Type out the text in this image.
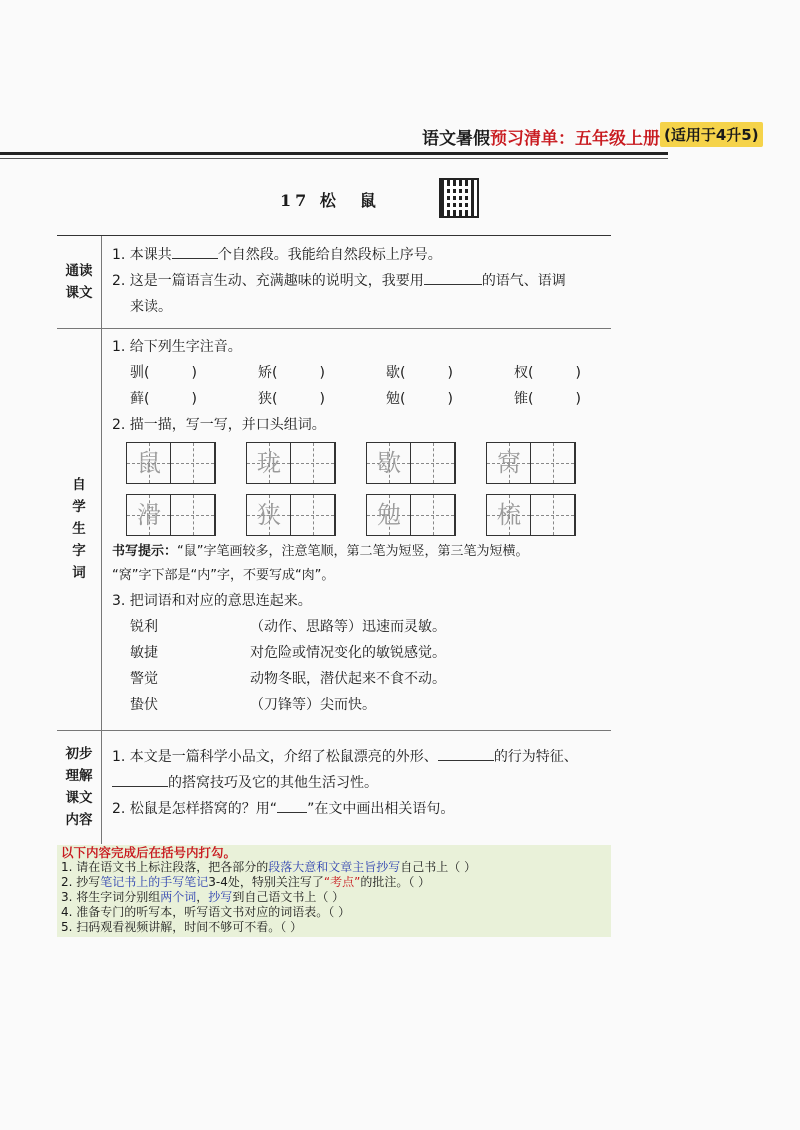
语文暑假预习清单：五年级上册 (适用于4升5)
17 松　鼠
通读
课文
1. 本课共	个自然段。我能给自然段标上序号。
2. 这是一篇语言生动、充满趣味的说明文，我要用	的语气、语调
来读。
自
学
生
字
词
1. 给下列生字注音。
驯(　　　)	矫(　　　)	歇(　　　)	杈(　　　)
藓(　　　)	狭(　　　)	勉(　　　)	锥(　　　)
2. 描一描，写一写，并口头组词。
鼠	珑	歇	窝
滑	狭	勉	梳
书写提示：“鼠”字笔画较多，注意笔顺，第二笔为短竖，第三笔为短横。
“窝”字下部是“内”字，不要写成“肉”。
3. 把词语和对应的意思连起来。
锐利	（动作、思路等）迅速而灵敏。
敏捷	对危险或情况变化的敏锐感觉。
警觉	动物冬眠，潜伏起来不食不动。
蛰伏	（刀锋等）尖而快。
初步
理解
课文
内容
1. 本文是一篇科学小品文，介绍了松鼠漂亮的外形、	的行为特征、
的搭窝技巧及它的其他生活习性。
2. 松鼠是怎样搭窝的？用“ ”在文中画出相关语句。
以下内容完成后在括号内打勾。
1. 请在语文书上标注段落，把各部分的段落大意和文章主旨抄写自己书上（ ）
2. 抄写笔记书上的手写笔记3-4处，特别关注写了“考点”的批注。（ ）
3. 将生字词分别组两个词，抄写到自己语文书上（ ）
4. 准备专门的听写本，听写语文书对应的词语表。（ ）
5. 扫码观看视频讲解，时间不够可不看。（ ）
